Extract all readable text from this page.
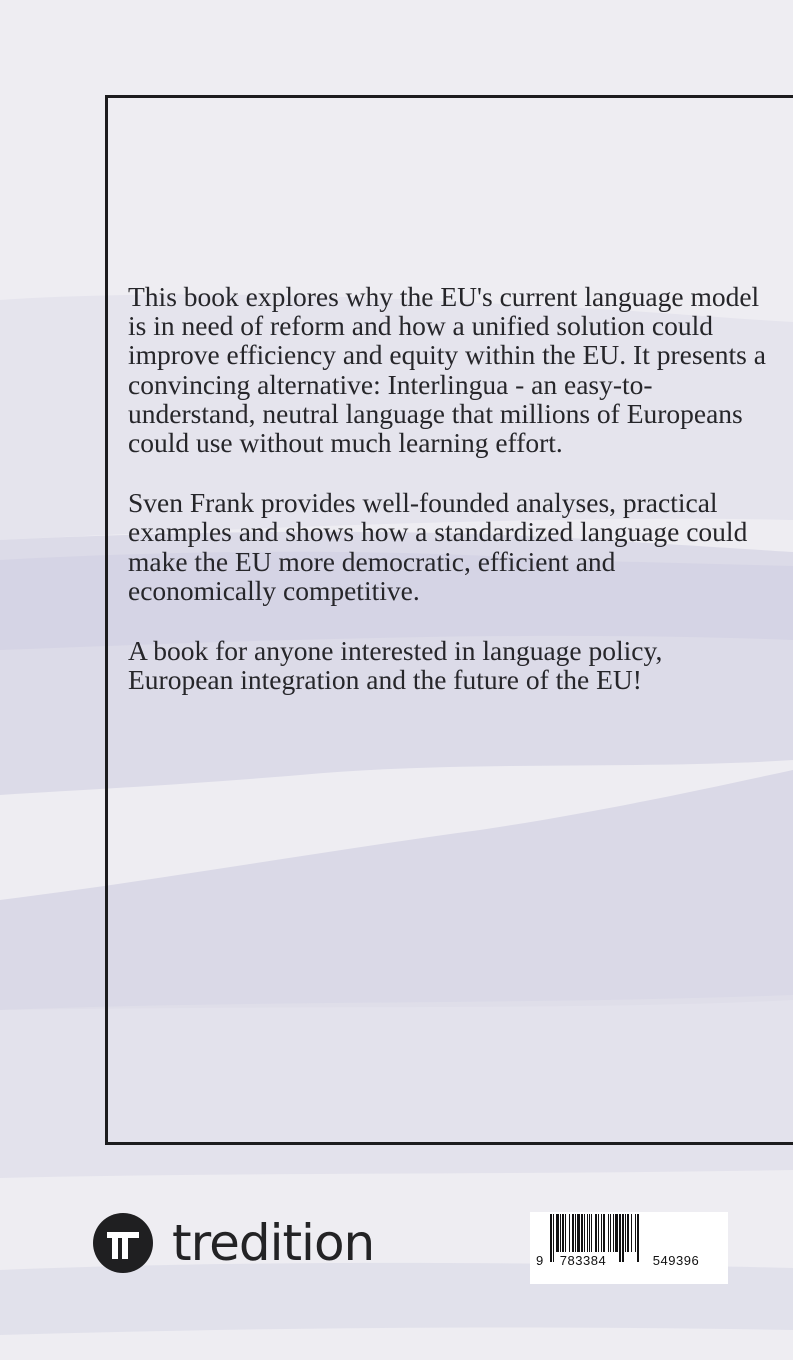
This book explores why the EU's current language model is in need of reform and how a unified solution could improve efficiency and equity within the EU. It presents a convincing alternative: Interlingua - an easy-to-understand, neutral language that millions of Europeans could use without much learning effort.

Sven Frank provides well-founded analyses, practical examples and shows how a standardized language could make the EU more democratic, efficient and economically competitive.

A book for anyone interested in language policy, European integration and the future of the EU!

tredition	9	783384	549396
